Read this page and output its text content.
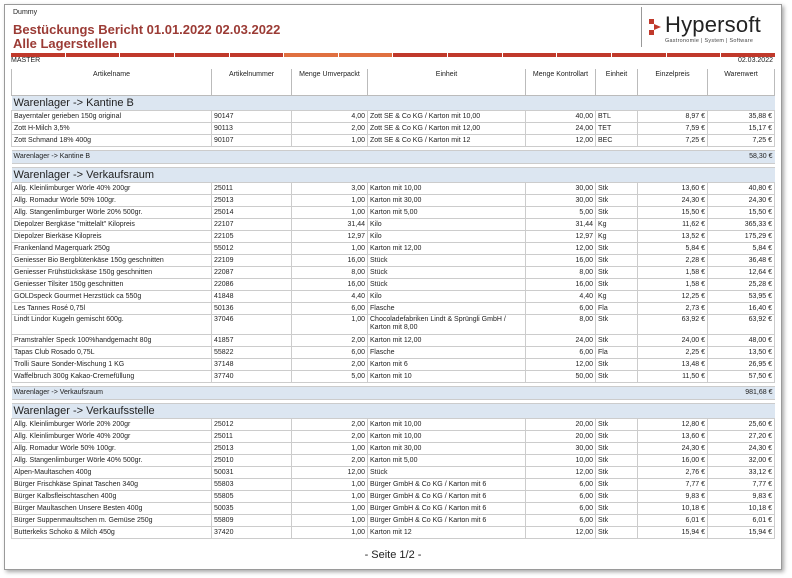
Dummy
Bestückungs Bericht 01.01.2022 02.03.2022
Alle Lagerstellen
Hypersoft
Gastronomie | System | Software
MASTER	02.03.2022
Artikelname	Artikelnummer	Menge Umverpackt	Einheit	Menge Kontrollart	Einheit	Einzelpreis	Warenwert
Warenlager -> Kantine B							
Bayerntaler gerieben 150g original	90147	4,00	Zott SE & Co KG / Karton mit 10,00	40,00	BTL	8,97 €	35,88 €
Zott H-Milch 3,5%	90113	2,00	Zott SE & Co KG / Karton mit 12,00	24,00	TET	7,59 €	15,17 €
Zott Schmand 18% 400g	90107	1,00	Zott SE & Co KG / Karton mit 12	12,00	BEC	7,25 €	7,25 €

Warenlager -> Kantine B							58,30 €

Warenlager -> Verkaufsraum							
Allg. Kleinlimburger Wörle 40% 200gr	25011	3,00	Karton mit 10,00	30,00	Stk	13,60 €	40,80 €
Allg. Romadur Wörle 50% 100gr.	25013	1,00	Karton mit 30,00	30,00	Stk	24,30 €	24,30 €
Allg. Stangenlimburger Wörle 20% 500gr.	25014	1,00	Karton mit 5,00	5,00	Stk	15,50 €	15,50 €
Diepolzer Bergkäse "mittelalt" Kilopreis	22107	31,44	Kilo	31,44	Kg	11,62 €	365,33 €
Diepolzer Bierkäse Kilopreis	22105	12,97	Kilo	12,97	Kg	13,52 €	175,29 €
Frankenland Magerquark 250g	55012	1,00	Karton mit 12,00	12,00	Stk	5,84 €	5,84 €
Geniesser Bio Bergblütenkäse 150g geschnitten	22109	16,00	Stück	16,00	Stk	2,28 €	36,48 €
Geniesser Frühstückskäse 150g geschnitten	22087	8,00	Stück	8,00	Stk	1,58 €	12,64 €
Geniesser Tilsiter 150g geschnitten	22086	16,00	Stück	16,00	Stk	1,58 €	25,28 €
GOLDspeck Gourmet Herzstück ca 550g	41848	4,40	Kilo	4,40	Kg	12,25 €	53,95 €
Les Tannes Rosé 0,75l	50136	6,00	Flasche	6,00	Fla	2,73 €	16,40 €
Lindt Lindor Kugeln gemischt 600g.	37046	1,00	Chocoladefabriken Lindt & Sprüngli GmbH / Karton mit 8,00	8,00	Stk	63,92 €	63,92 €
Pramstrahler Speck 100%handgemacht 80g	41857	2,00	Karton mit 12,00	24,00	Stk	24,00 €	48,00 €
Tapas Club Rosado 0,75L	55822	6,00	Flasche	6,00	Fla	2,25 €	13,50 €
Trolli Saure Sonder-Mischung 1 KG	37148	2,00	Karton mit 6	12,00	Stk	13,48 €	26,95 €
Waffelbruch 300g Kakao-Cremefüllung	37740	5,00	Karton mit 10	50,00	Stk	11,50 €	57,50 €

Warenlager -> Verkaufsraum							981,68 €

Warenlager -> Verkaufsstelle							
Allg. Kleinlimburger Wörle 20% 200gr	25012	2,00	Karton mit 10,00	20,00	Stk	12,80 €	25,60 €
Allg. Kleinlimburger Wörle 40% 200gr	25011	2,00	Karton mit 10,00	20,00	Stk	13,60 €	27,20 €
Allg. Romadur Wörle 50% 100gr.	25013	1,00	Karton mit 30,00	30,00	Stk	24,30 €	24,30 €
Allg. Stangenlimburger Wörle 40% 500gr.	25010	2,00	Karton mit 5,00	10,00	Stk	16,00 €	32,00 €
Alpen-Maultaschen 400g	50031	12,00	Stück	12,00	Stk	2,76 €	33,12 €
Bürger Frischkäse Spinat Taschen 340g	55803	1,00	Bürger GmbH & Co KG / Karton mit 6	6,00	Stk	7,77 €	7,77 €
Bürger Kalbsfleischtaschen 400g	55805	1,00	Bürger GmbH & Co KG / Karton mit 6	6,00	Stk	9,83 €	9,83 €
Bürger Maultaschen Unsere Besten 400g	50035	1,00	Bürger GmbH & Co KG / Karton mit 6	6,00	Stk	10,18 €	10,18 €
Bürger Suppenmaultschen m. Gemüse 250g	55809	1,00	Bürger GmbH & Co KG / Karton mit 6	6,00	Stk	6,01 €	6,01 €
Butterkeks Schoko & Milch 450g	37420	1,00	Karton mit 12	12,00	Stk	15,94 €	15,94 €
- Seite 1/2 -
